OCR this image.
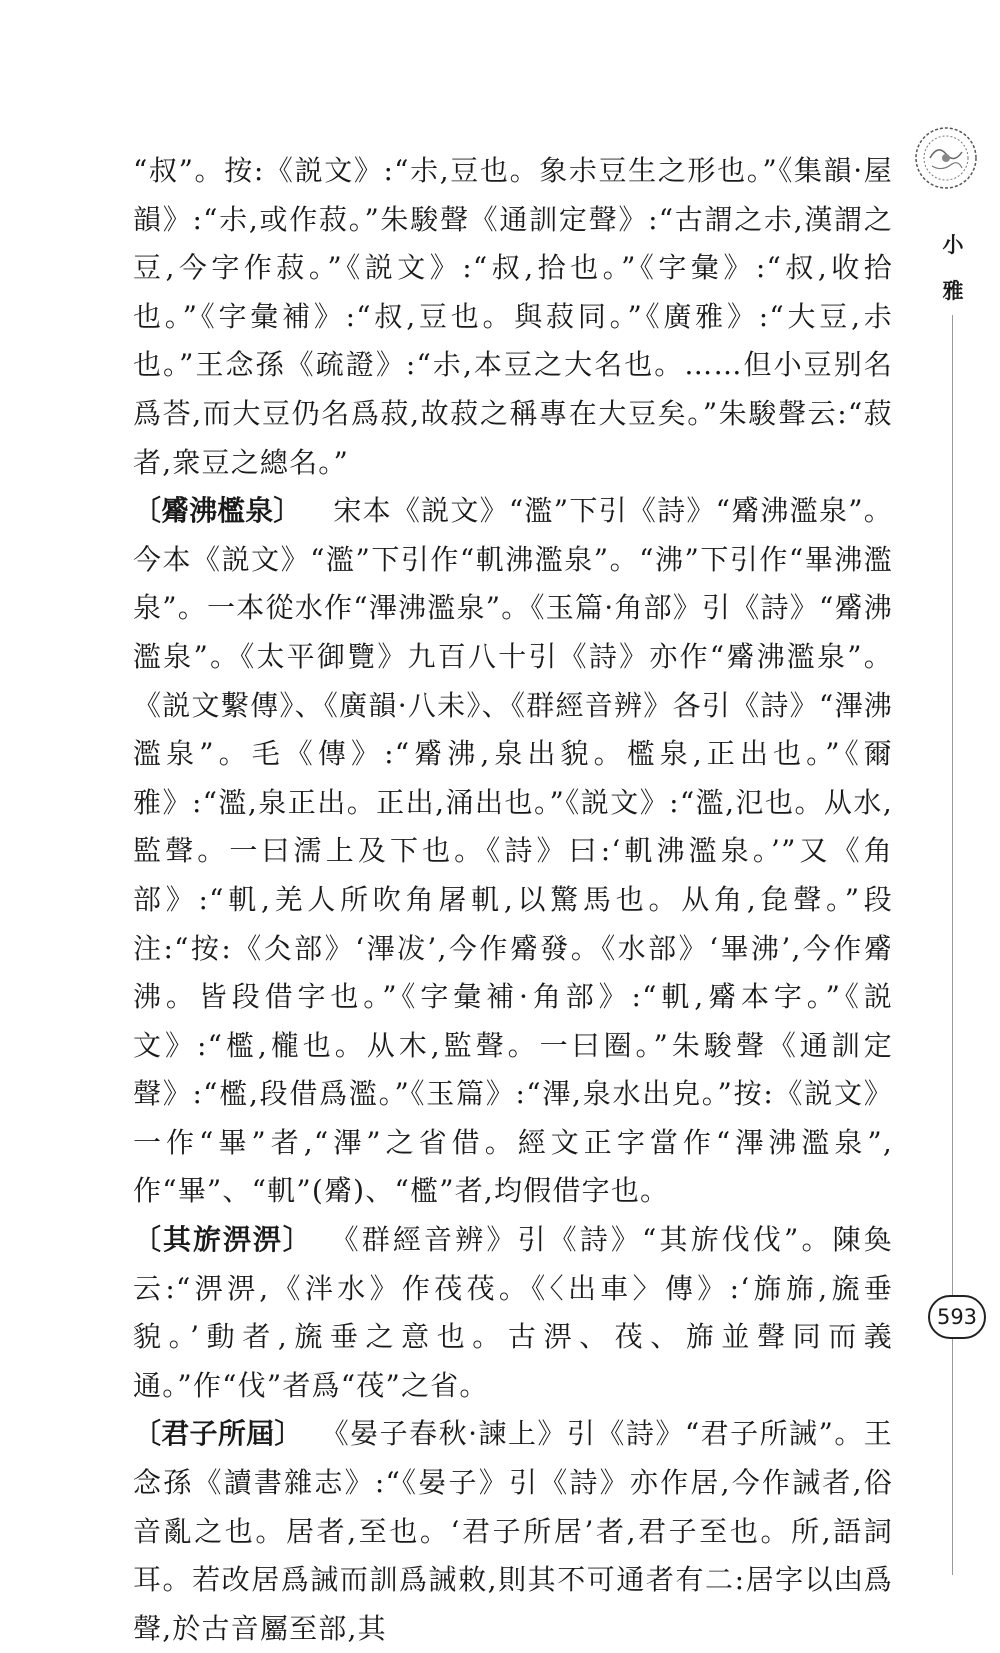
小
雅

“叔”。按:《説文》:“尗,豆也。象尗豆生之形也。”《集韻·屋韻》:“尗,或作菽。”朱駿聲《通訓定聲》:“古謂之尗,漢謂之豆,今字作菽。”《説文》:“叔,拾也。”《字彙》:“叔,收拾也。”《字彙補》:“叔,豆也。與菽同。”《廣雅》:“大豆,尗也。”王念孫《疏證》:“尗,本豆之大名也。……但小豆别名爲荅,而大豆仍名爲菽,故菽之稱專在大豆矣。”朱駿聲云:“菽者,衆豆之總名。”

〔觱沸檻泉〕 宋本《説文》“濫”下引《詩》“觱沸濫泉”。今本《説文》“濫”下引作“䡄沸濫泉”。“沸”下引作“畢沸濫泉”。一本從水作“滭沸濫泉”。《玉篇·角部》引《詩》“觱沸濫泉”。《太平御覽》九百八十引《詩》亦作“觱沸濫泉”。《説文繫傳》、《廣韻·八未》、《群經音辨》各引《詩》“滭沸濫泉”。毛《傳》:“觱沸,泉出貌。檻泉,正出也。”《爾雅》:“濫,泉正出。正出,涌出也。”《説文》:“濫,氾也。从水,監聲。一曰濡上及下也。《詩》曰:‘䡄沸濫泉。’”又《角部》:“䡄,羌人所吹角屠䡄,以驚馬也。从角,㲋聲。”段注:“按:《仌部》‘滭冹’,今作觱發。《水部》‘畢沸’,今作觱沸。皆段借字也。”《字彙補·角部》:“䡄,觱本字。”《説文》:“檻,櫳也。从木,監聲。一曰圈。”朱駿聲《通訓定聲》:“檻,段借爲濫。”《玉篇》:“滭,泉水出皃。”按:《説文》一作“畢”者,“滭”之省借。經文正字當作“滭沸濫泉”,作“畢”、“䡄”(觱)、“檻”者,均假借字也。

〔其旂淠淠〕 《群經音辨》引《詩》“其旂伐伐”。陳奐云:“淠淠,《泮水》作茷茷。《〈出車〉傳》:‘旆旆,旒垂貌。’動者,旒垂之意也。古淠、茷、旆並聲同而義通。”作“伐”者爲“茷”之省。

〔君子所屆〕 《晏子春秋·諫上》引《詩》“君子所誡”。王念孫《讀書雜志》:“《晏子》引《詩》亦作居,今作誡者,俗音亂之也。居者,至也。‘君子所居’者,君子至也。所,語詞耳。若改居爲誡而訓爲誡敕,則其不可通者有二:居字以凷爲聲,於古音屬至部,其

593
